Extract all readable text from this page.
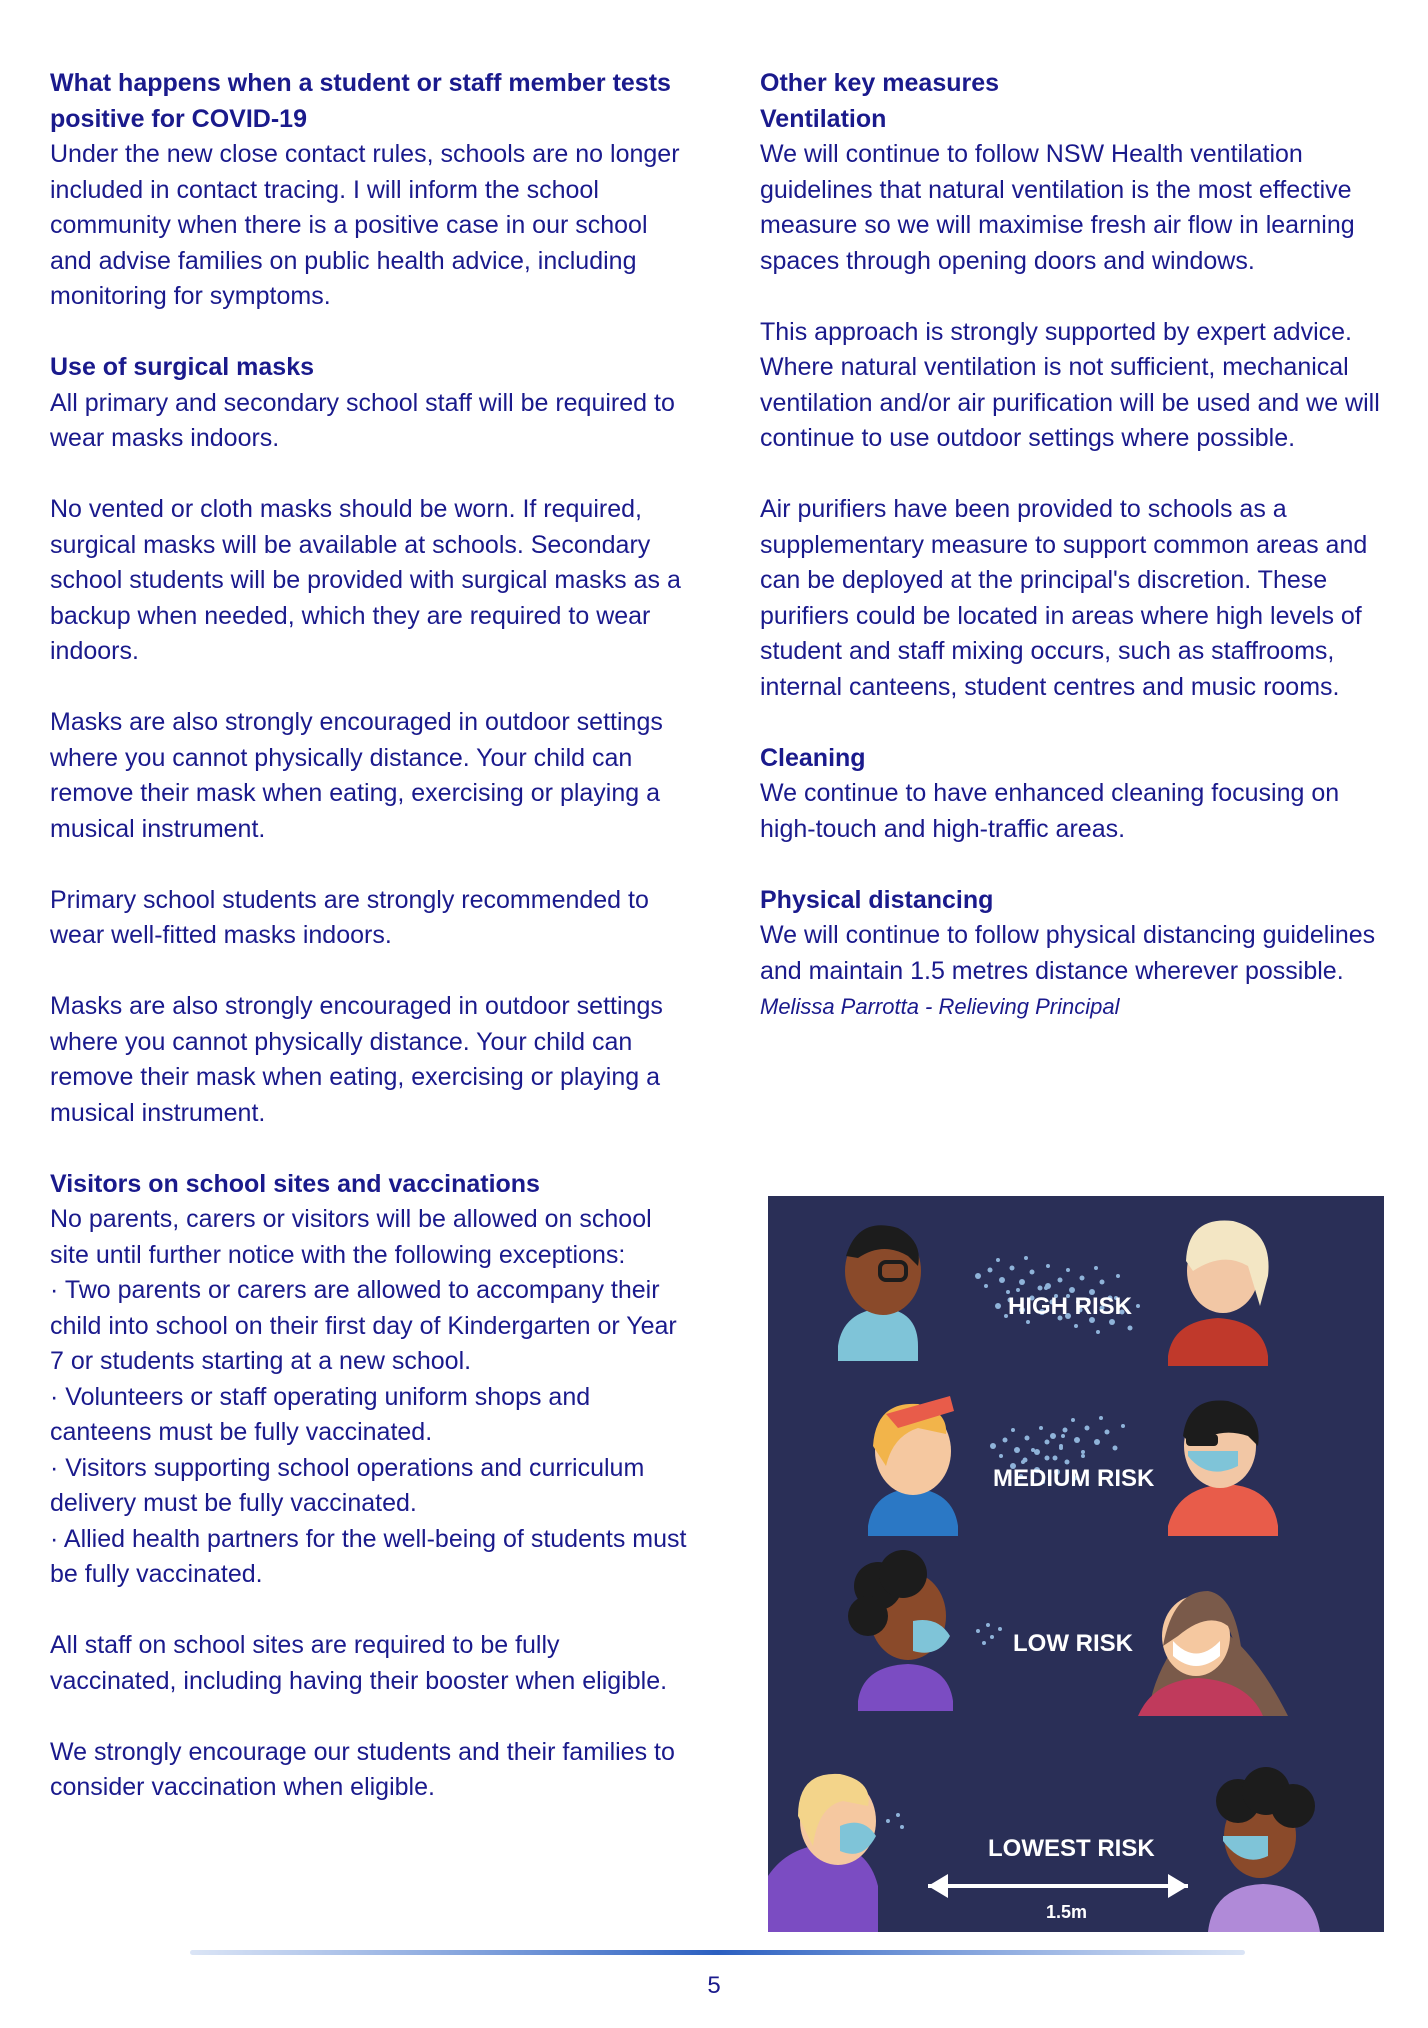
What happens when a student or staff member tests positive for COVID-19
Under the new close contact rules, schools are no longer included in contact tracing. I will inform the school community when there is a positive case in our school and advise families on public health advice, including monitoring for symptoms.
Use of surgical masks
All primary and secondary school staff will be required to wear masks indoors.
No vented or cloth masks should be worn. If required, surgical masks will be available at schools. Secondary school students will be provided with surgical masks as a backup when needed, which they are required to wear indoors.
Masks are also strongly encouraged in outdoor settings where you cannot physically distance. Your child can remove their mask when eating, exercising or playing a musical instrument.
Primary school students are strongly recommended to wear well-fitted masks indoors.
Masks are also strongly encouraged in outdoor settings where you cannot physically distance. Your child can remove their mask when eating, exercising or playing a musical instrument.
Visitors on school sites and vaccinations
No parents, carers or visitors will be allowed on school site until further notice with the following exceptions:
· Two parents or carers are allowed to accompany their child into school on their first day of Kindergarten or Year 7 or students starting at a new school.
· Volunteers or staff operating uniform shops and canteens must be fully vaccinated.
· Visitors supporting school operations and curriculum delivery must be fully vaccinated.
· Allied health partners for the well-being of students must be fully vaccinated.
All staff on school sites are required to be fully vaccinated, including having their booster when eligible.
We strongly encourage our students and their families to consider vaccination when eligible.
Other key measures
Ventilation
We will continue to follow NSW Health ventilation guidelines that natural ventilation is the most effective measure so we will maximise fresh air flow in learning spaces through opening doors and windows.
This approach is strongly supported by expert advice. Where natural ventilation is not sufficient, mechanical ventilation and/or air purification will be used and we will continue to use outdoor settings where possible.
Air purifiers have been provided to schools as a supplementary measure to support common areas and can be deployed at the principal's discretion. These purifiers could be located in areas where high levels of student and staff mixing occurs, such as staffrooms, internal canteens, student centres and music rooms.
Cleaning
We continue to have enhanced cleaning focusing on high-touch and high-traffic areas.
Physical distancing
We will continue to follow physical distancing guidelines and maintain 1.5 metres distance wherever possible.  Melissa Parrotta - Relieving Principal
HIGH RISK
MEDIUM RISK
LOW RISK
LOWEST RISK
1.5m
5
